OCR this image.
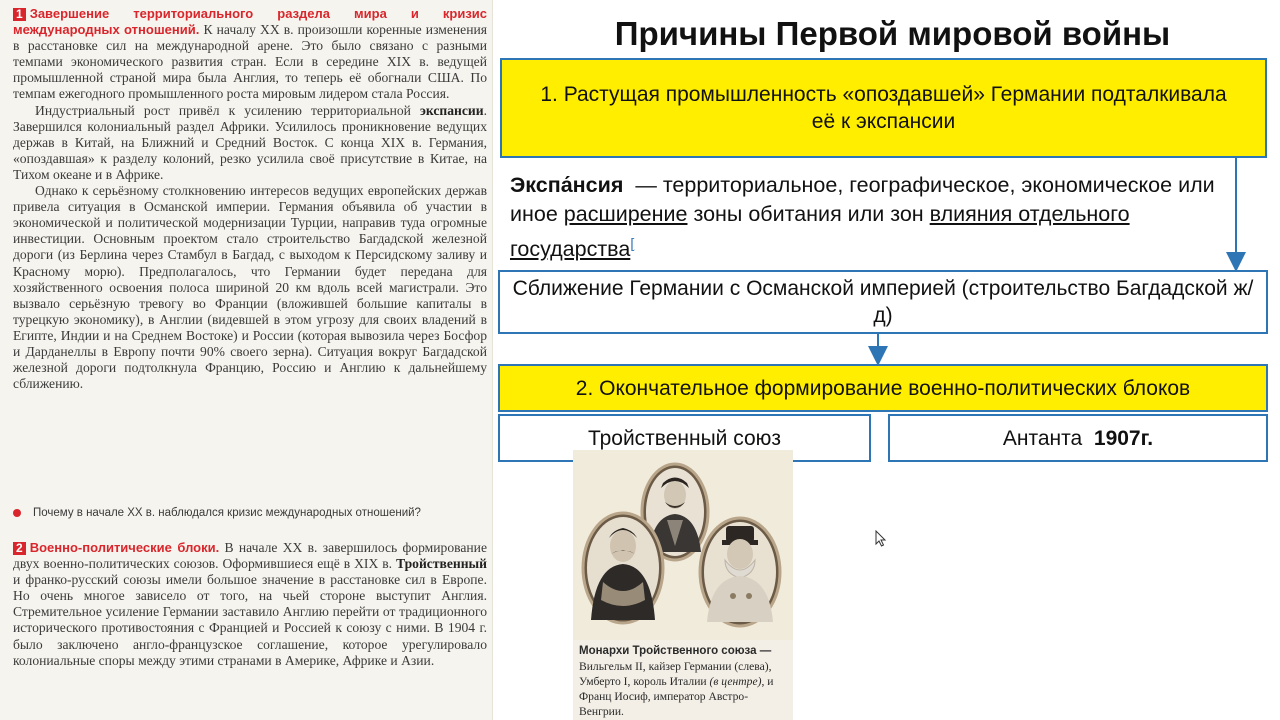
1 Завершение территориального раздела мира и кризис международных отношений. К началу XX в. произошли коренные изменения в расстановке сил на международной арене. Это было связано с разными темпами экономического развития стран. Если в середине XIX в. ведущей промышленной страной мира была Англия, то теперь её обогнали США. По темпам ежегодного промышленного роста мировым лидером стала Россия.

Индустриальный рост привёл к усилению территориальной экспансии. Завершился колониальный раздел Африки. Усилилось проникновение ведущих держав в Китай, на Ближний и Средний Восток. С конца XIX в. Германия, «опоздавшая» к разделу колоний, резко усилила своё присутствие в Китае, на Тихом океане и в Африке.

Однако к серьёзному столкновению интересов ведущих европейских держав привела ситуация в Османской империи. Германия объявила об участии в экономической и политической модернизации Турции, направив туда огромные инвестиции. Основным проектом стало строительство Багдадской железной дороги (из Берлина через Стамбул в Багдад, с выходом к Персидскому заливу и Красному морю). Предполагалось, что Германии будет передана для хозяйственного освоения полоса шириной 20 км вдоль всей магистрали. Это вызвало серьёзную тревогу во Франции (вложившей большие капиталы в турецкую экономику), в Англии (видевшей в этом угрозу для своих владений в Египте, Индии и на Среднем Востоке) и России (которая вывозила через Босфор и Дарданеллы в Европу почти 90% своего зерна). Ситуация вокруг Багдадской железной дороги подтолкнула Францию, Россию и Англию к дальнейшему сближению.

Почему в начале XX в. наблюдался кризис международных отношений?

2 Военно-политические блоки. В начале XX в. завершилось формирование двух военно-политических союзов. Оформившиеся ещё в XIX в. Тройственный и франко-русский союзы имели большое значение в расстановке сил в Европе. Но очень многое зависело от того, на чьей стороне выступит Англия. Стремительное усиление Германии заставило Англию перейти от традиционного исторического противостояния с Францией и Россией к союзу с ними. В 1904 г. было заключено англо-французское соглашение, которое урегулировало колониальные споры между этими странами в Америке, Африке и Азии.

Причины Первой мировой войны
1. Растущая промышленность «опоздавшей» Германии подталкивала её к экспансии
Экспа́нсия — территориальное, географическое, экономическое или иное расширение зоны обитания или зон влияния отдельного государства[
Сближение Германии с Османской империей (строительство Багдадской ж/д)
2. Окончательное формирование военно-политических блоков
Тройственный союз	Антанта
1907г.
Монархи Тройственного союза — Вильгельм II, кайзер Германии (слева), Умберто I, король Италии (в центре), и Франц Иосиф, император Австро-Венгрии.
